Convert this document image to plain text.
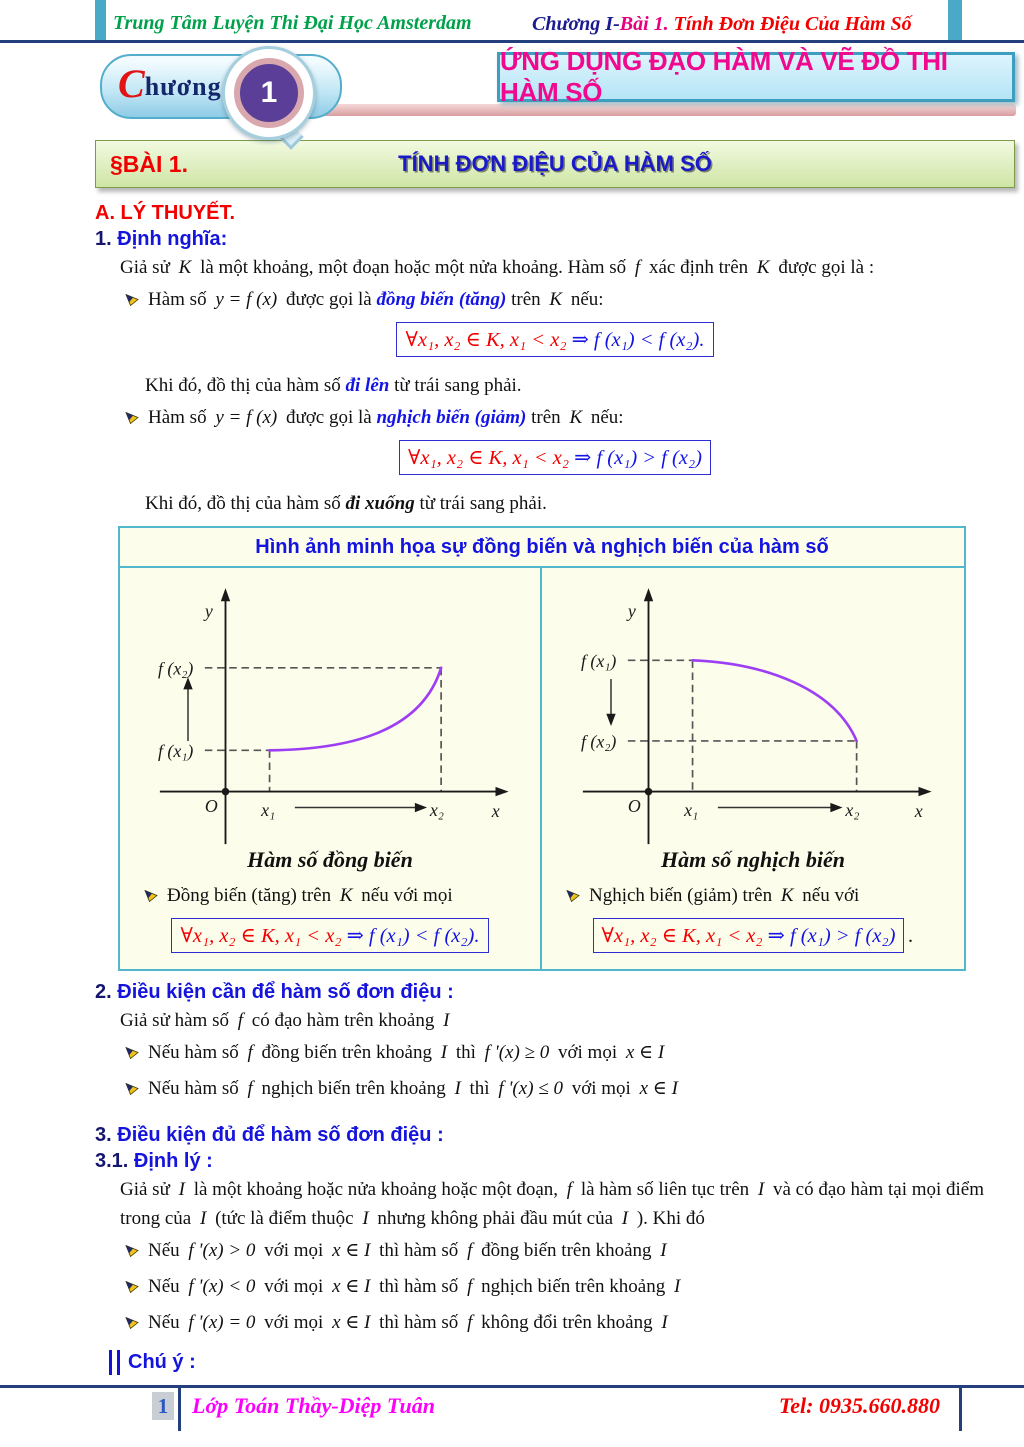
Trung Tâm Luyện Thi Đại Học Amsterdam	Chương I-Bài 1. Tính Đơn Điệu Của Hàm Số
C hương	1
ỨNG DỤNG ĐẠO HÀM VÀ VẼ ĐỒ THI HÀM SỐ
TÍNH ĐƠN ĐIỆU CỦA HÀM SỐ
§BÀI 1.
A. LÝ THUYẾT.
1. Định nghĩa:

Giả sử K là một khoảng, một đoạn hoặc một nửa khoảng. Hàm số f xác định trên K được gọi là :

Hàm số y = f (x) được gọi là đồng biến (tăng) trên K nếu:
∀x₁, x₂ ∈ K, x₁ < x₂ ⇒ f (x₁) < f (x₂).

Khi đó, đồ thị của hàm số đi lên từ trái sang phải.

Hàm số y = f (x) được gọi là nghịch biến (giảm) trên K nếu:
∀x₁, x₂ ∈ K, x₁ < x₂ ⇒ f (x₁) > f (x₂)

Khi đó, đồ thị của hàm số đi xuống từ trái sang phải.

Hình ảnh minh họa sự đồng biến và nghịch biến của hàm số
y
x
O
f (x₂)
f (x₁)
x₁	x₂
Hàm số đồng biến
Đồng biến (tăng) trên K nếu với mọi
∀x₁, x₂ ∈ K, x₁ < x₂ ⇒ f (x₁) < f (x₂).
y
x
O
f (x₁)
f (x₂)
x₁	x₂
Hàm số nghịch biến
Nghịch biến (giảm) trên K nếu với
∀x₁, x₂ ∈ K, x₁ < x₂ ⇒ f (x₁) > f (x₂) .
2. Điều kiện cần để hàm số đơn điệu :

Giả sử hàm số f có đạo hàm trên khoảng I

Nếu hàm số f đồng biến trên khoảng I thì f '(x) ≥ 0 với mọi x ∈ I
Nếu hàm số f nghịch biến trên khoảng I thì f '(x) ≤ 0 với mọi x ∈ I
3. Điều kiện đủ để hàm số đơn điệu :
3.1. Định lý :

Giả sử I là một khoảng hoặc nửa khoảng hoặc một đoạn, f là hàm số liên tục trên I và có đạo hàm tại mọi điểm trong của I (tức là điểm thuộc I nhưng không phải đầu mút của I ). Khi đó

Nếu f '(x) > 0 với mọi x ∈ I thì hàm số f đồng biến trên khoảng I
Nếu f '(x) < 0 với mọi x ∈ I thì hàm số f nghịch biến trên khoảng I
Nếu f '(x) = 0 với mọi x ∈ I thì hàm số f không đổi trên khoảng I
Chú ý :
1 Lớp Toán Thầy-Diệp Tuân	Tel: 0935.660.880
